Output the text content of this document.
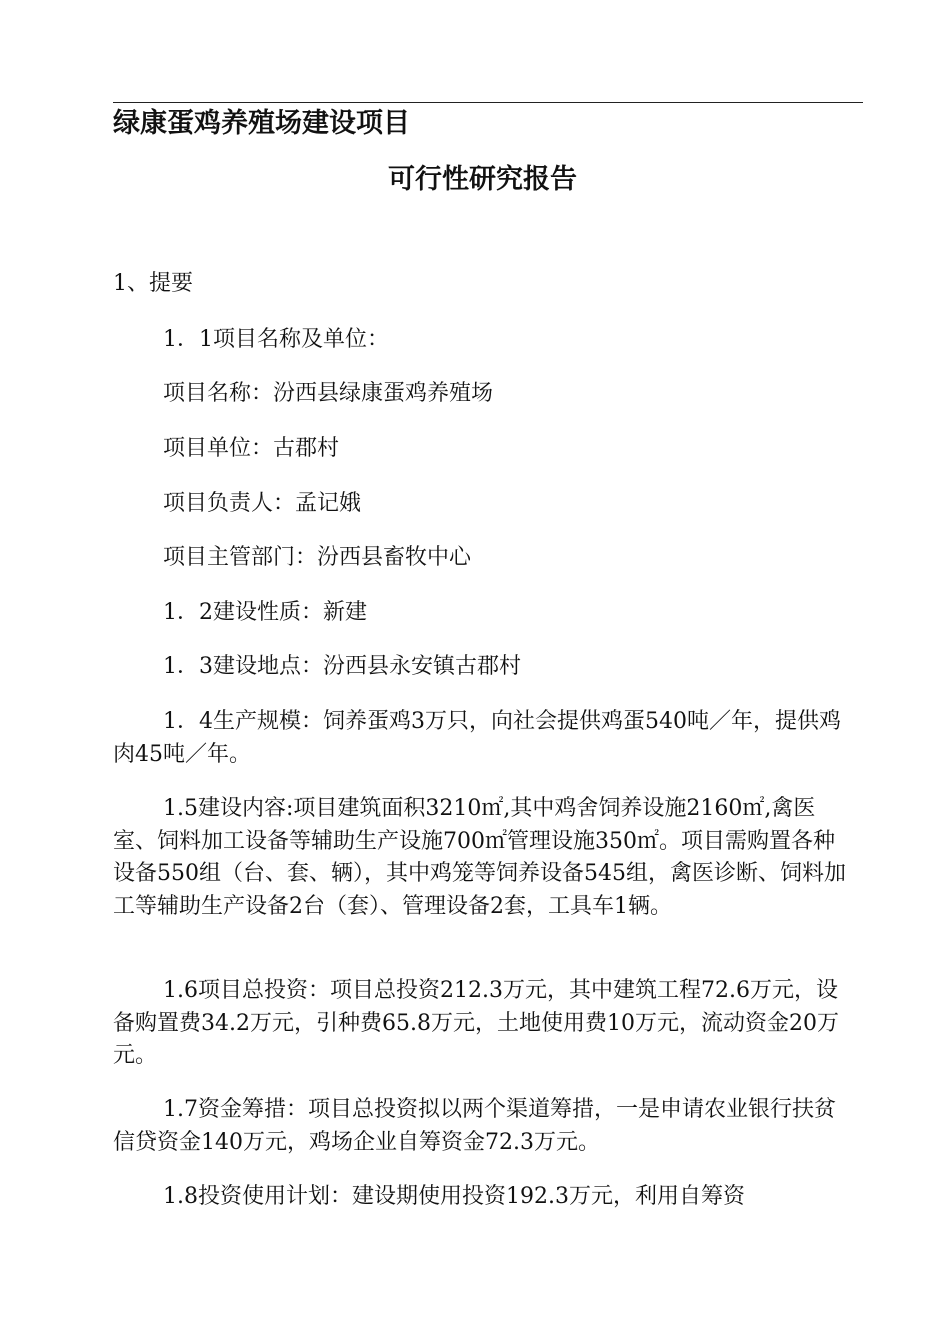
绿康蛋鸡养殖场建设项目
可行性研究报告
1、提要
1．1项目名称及单位：
项目名称：汾西县绿康蛋鸡养殖场
项目单位：古郡村
项目负责人：孟记娥
项目主管部门：汾西县畜牧中心
1．2建设性质：新建
1．3建设地点：汾西县永安镇古郡村

1．4生产规模：饲养蛋鸡3万只，向社会提供鸡蛋540吨／年，提供鸡肉45吨／年。

1.5建设内容:项目建筑面积3210㎡,其中鸡舍饲养设施2160㎡,禽医室、饲料加工设备等辅助生产设施700㎡管理设施350㎡。项目需购置各种设备550组（台、套、辆），其中鸡笼等饲养设备545组，禽医诊断、饲料加工等辅助生产设备2台（套）、管理设备2套，工具车1辆。

1.6项目总投资：项目总投资212.3万元，其中建筑工程72.6万元，设备购置费34.2万元，引种费65.8万元，土地使用费10万元，流动资金20万元。

1.7资金筹措：项目总投资拟以两个渠道筹措，一是申请农业银行扶贫信贷资金140万元，鸡场企业自筹资金72.3万元。

1.8投资使用计划：建设期使用投资192.3万元，利用自筹资
